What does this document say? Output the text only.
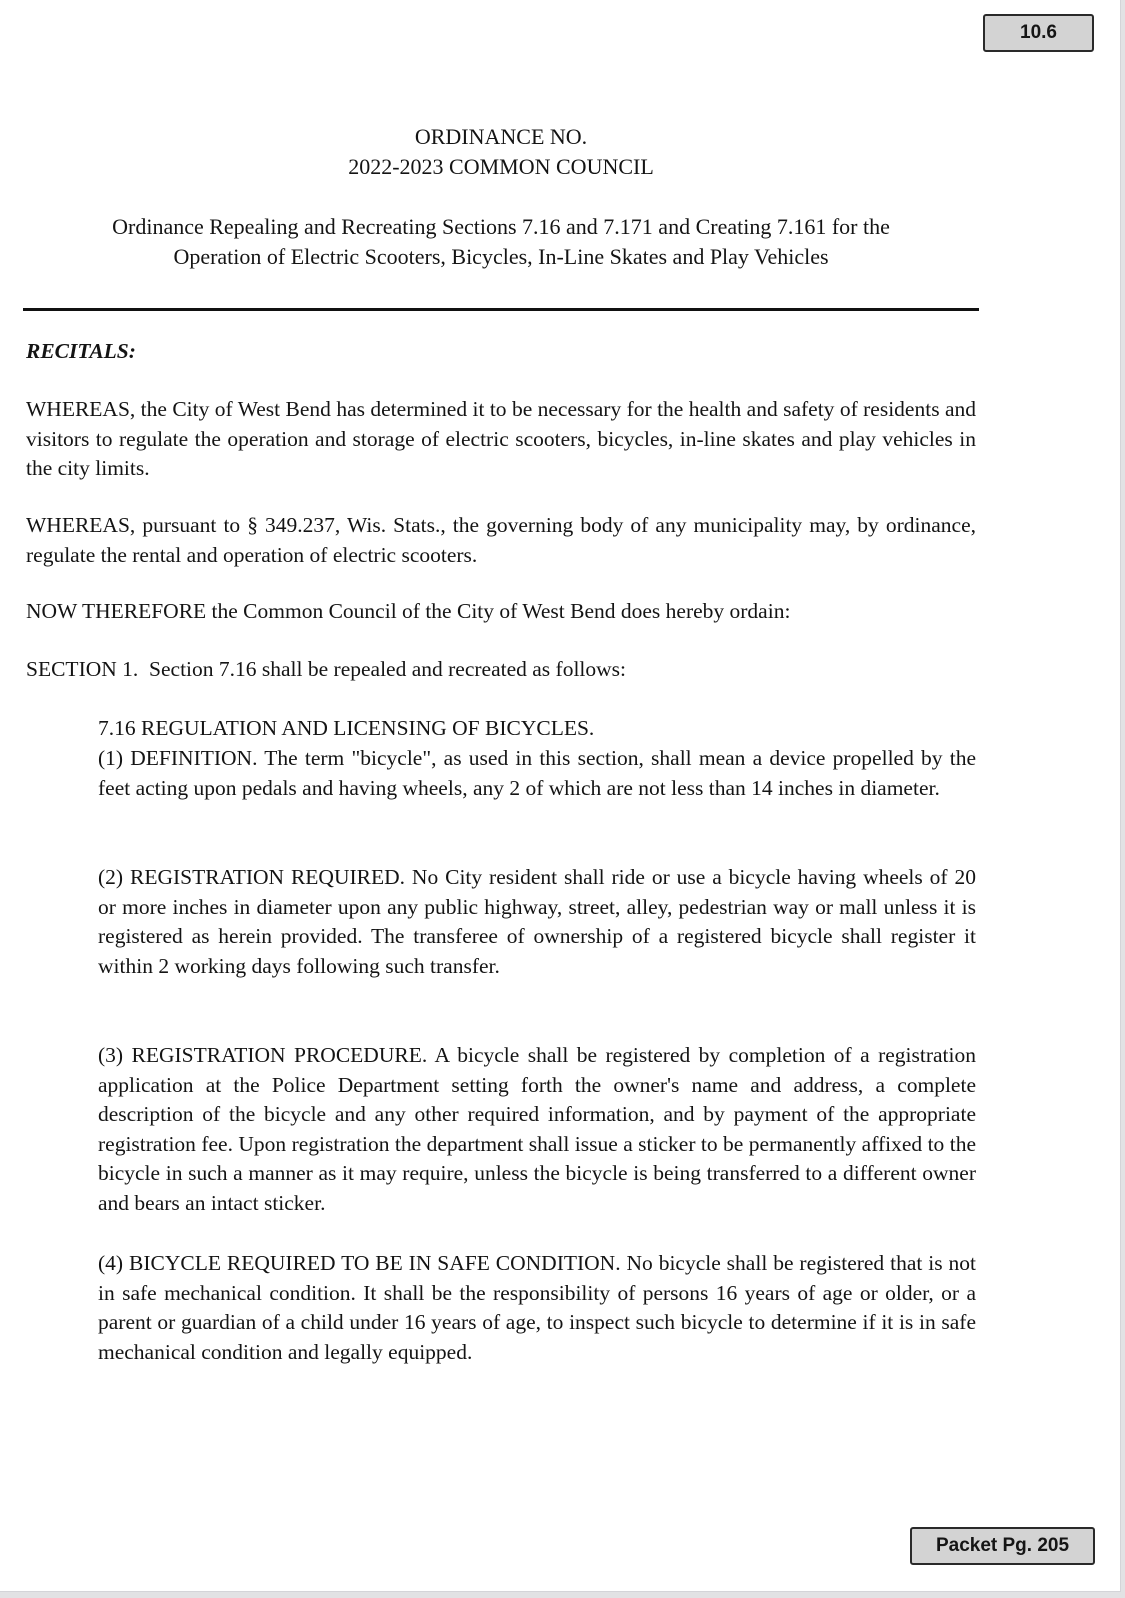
10.6
ORDINANCE NO.
2022-2023 COMMON COUNCIL
Ordinance Repealing and Recreating Sections 7.16 and 7.171 and Creating 7.161 for the
Operation of Electric Scooters, Bicycles, In-Line Skates and Play Vehicles
RECITALS:

WHEREAS, the City of West Bend has determined it to be necessary for the health and safety of residents and visitors to regulate the operation and storage of electric scooters, bicycles, in-line skates and play vehicles in the city limits.

WHEREAS, pursuant to § 349.237, Wis. Stats., the governing body of any municipality may, by ordinance, regulate the rental and operation of electric scooters.

NOW THEREFORE the Common Council of the City of West Bend does hereby ordain:
SECTION 1.  Section 7.16 shall be repealed and recreated as follows:
7.16 REGULATION AND LICENSING OF BICYCLES.

(1) DEFINITION. The term "bicycle", as used in this section, shall mean a device propelled by the feet acting upon pedals and having wheels, any 2 of which are not less than 14 inches in diameter.

(2) REGISTRATION REQUIRED. No City resident shall ride or use a bicycle having wheels of 20 or more inches in diameter upon any public highway, street, alley, pedestrian way or mall unless it is registered as herein provided. The transferee of ownership of a registered bicycle shall register it within 2 working days following such transfer.

(3) REGISTRATION PROCEDURE. A bicycle shall be registered by completion of a registration application at the Police Department setting forth the owner's name and address, a complete description of the bicycle and any other required information, and by payment of the appropriate registration fee. Upon registration the department shall issue a sticker to be permanently affixed to the bicycle in such a manner as it may require, unless the bicycle is being transferred to a different owner and bears an intact sticker.

(4) BICYCLE REQUIRED TO BE IN SAFE CONDITION. No bicycle shall be registered that is not in safe mechanical condition. It shall be the responsibility of persons 16 years of age or older, or a parent or guardian of a child under 16 years of age, to inspect such bicycle to determine if it is in safe mechanical condition and legally equipped.

Packet Pg. 205
